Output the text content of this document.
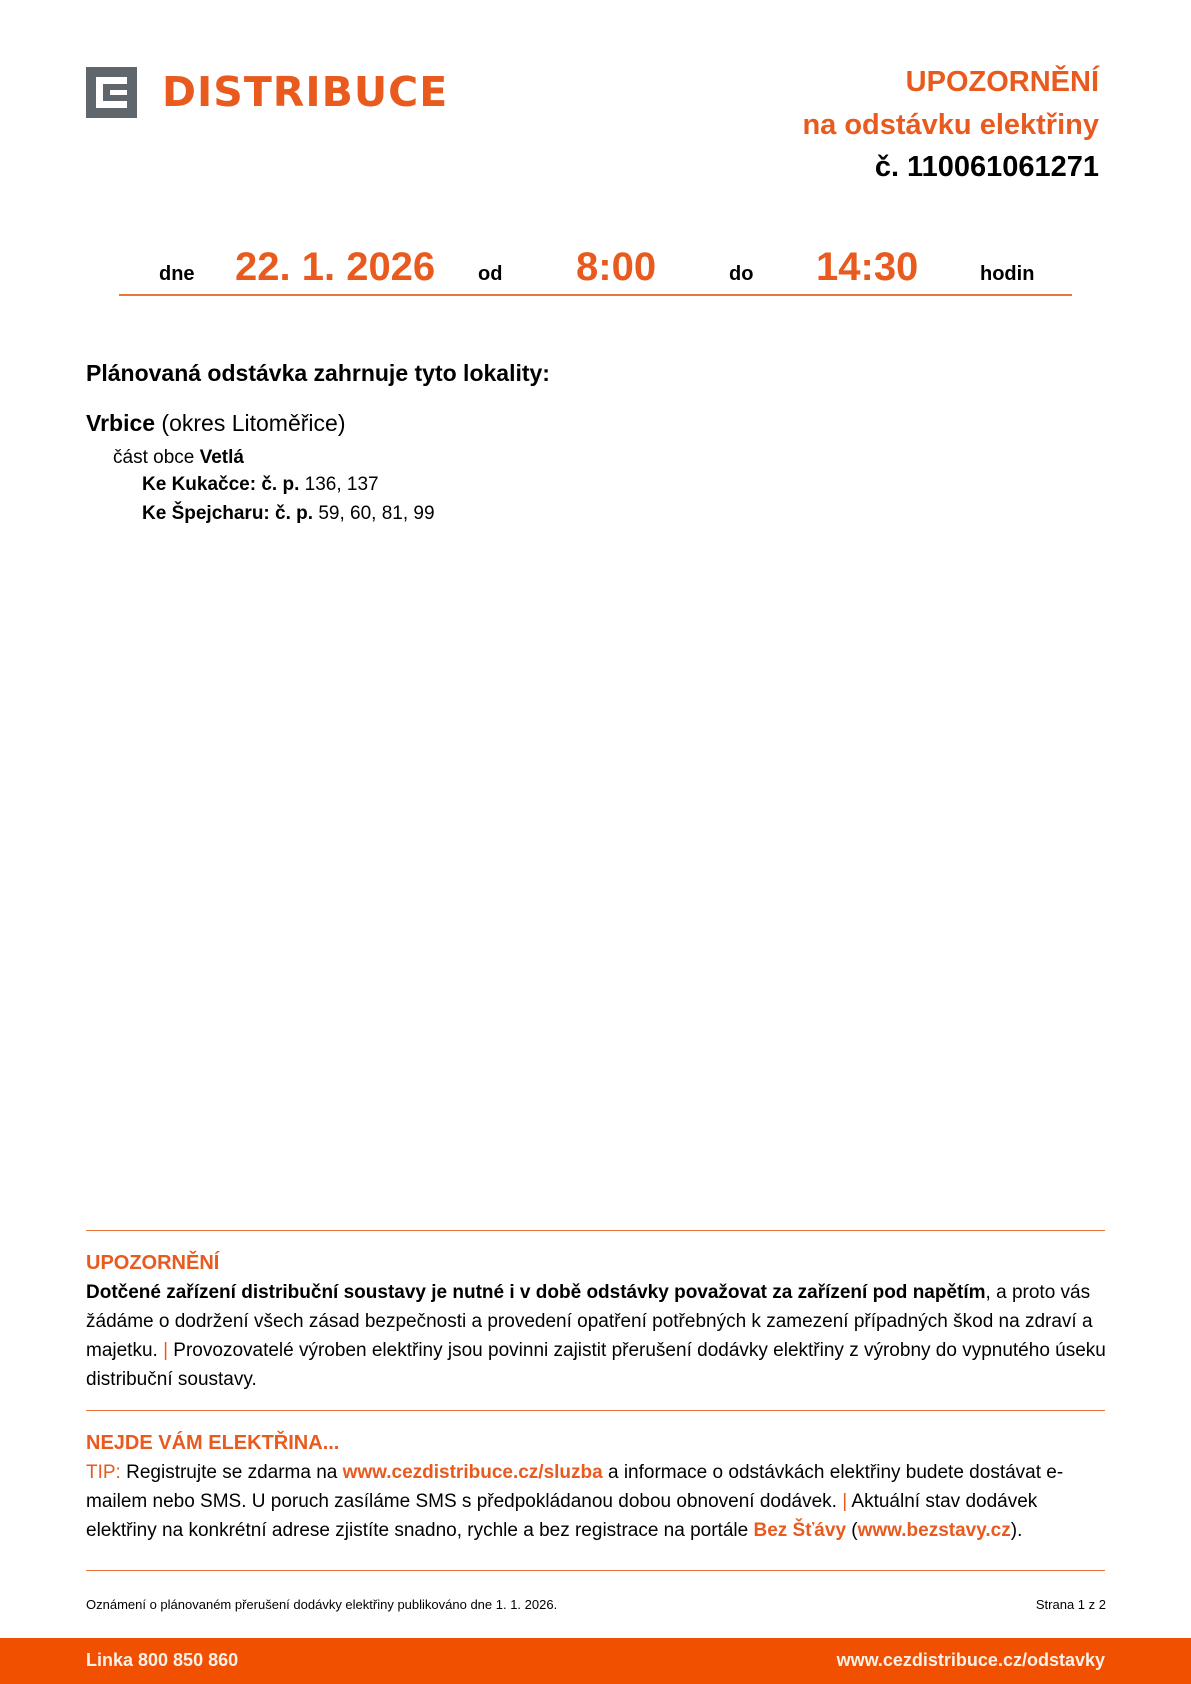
DISTRIBUCE	UPOZORNĚNÍ
na odstávku elektřiny
č. 110061061271
dne 22. 1. 2026 od 8:00	do 14:30	hodin
Plánovaná odstávka zahrnuje tyto lokality:
Vrbice (okres Litoměřice)
část obce Vetlá
Ke Kukačce: č. p. 136, 137
Ke Špejcharu: č. p. 59, 60, 81, 99
UPOZORNĚNÍ
Dotčené zařízení distribuční soustavy je nutné i v době odstávky považovat za zařízení pod napětím, a proto vás žádáme o dodržení všech zásad bezpečnosti a provedení opatření potřebných k zamezení případných škod na zdraví a majetku. | Provozovatelé výroben elektřiny jsou povinni zajistit přerušení dodávky elektřiny z výrobny do vypnutého úseku distribuční soustavy.
NEJDE VÁM ELEKTŘINA...
TIP: Registrujte se zdarma na www.cezdistribuce.cz/sluzba a informace o odstávkách elektřiny budete dostávat e-mailem nebo SMS. U poruch zasíláme SMS s předpokládanou dobou obnovení dodávek. | Aktuální stav dodávek elektřiny na konkrétní adrese zjistíte snadno, rychle a bez registrace na portále Bez Šťávy (www.bezstavy.cz).
Oznámení o plánovaném přerušení dodávky elektřiny publikováno dne 1. 1. 2026.	Strana 1 z 2
Linka 800 850 860	www.cezdistribuce.cz/odstavky
